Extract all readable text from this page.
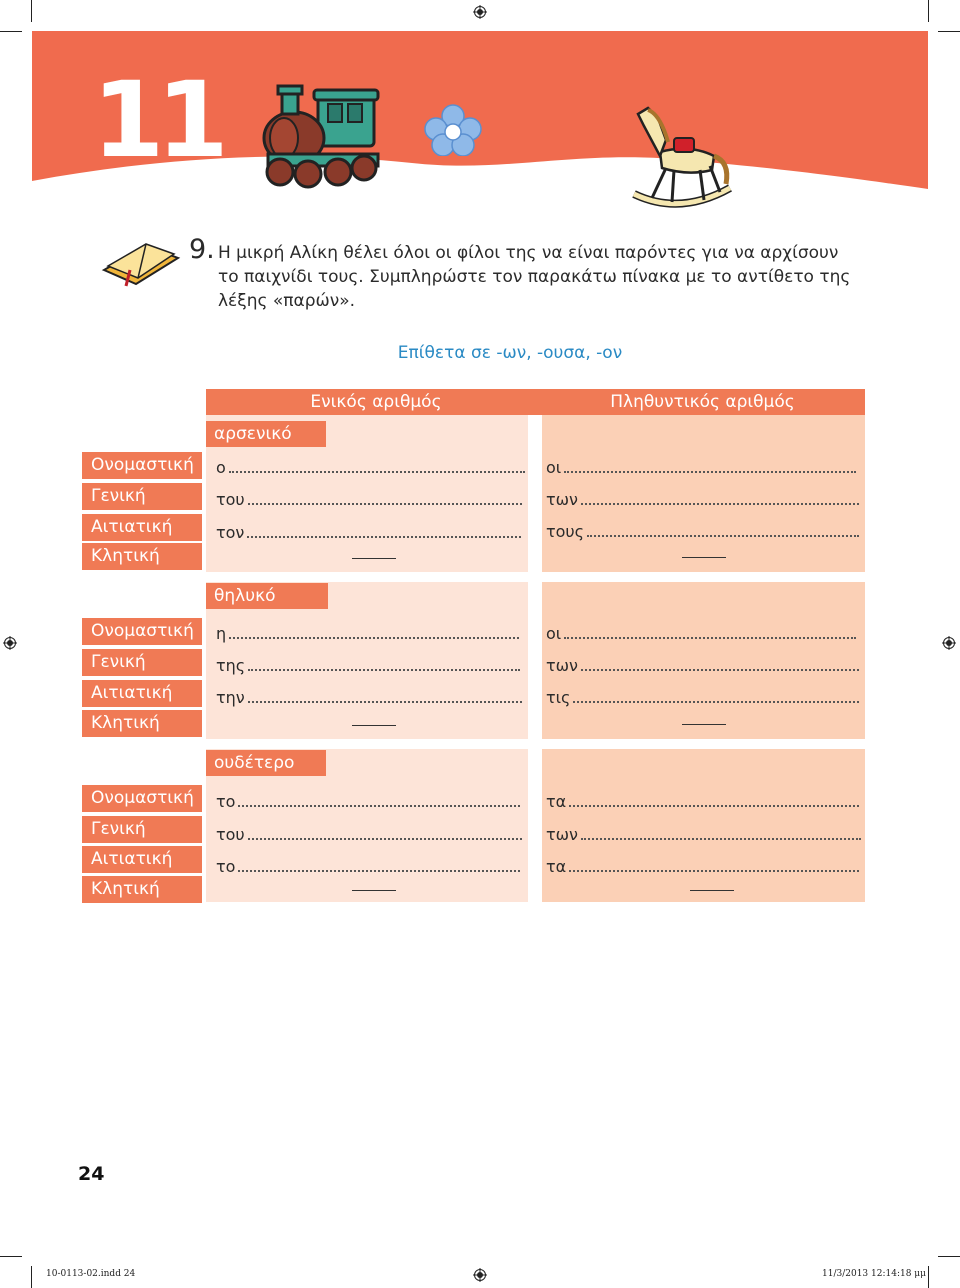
11
9. Η μικρή Αλίκη θέλει όλοι οι φίλοι της να είναι παρόντες για να αρχίσουν το παιχνίδι τους. Συμπληρώστε τον παρακάτω πίνακα με το αντίθετο της λέξης «παρών».
Επίθετα σε -ων, -ουσα, -ον
Ενικός αριθμός	Πληθυντικός αριθμός
αρσενικό
θηλυκό
ουδέτερο
Ονομαστική
Γενική
Αιτιατική
Κλητική
Ονομαστική
Γενική
Αιτιατική
Κλητική
Ονομαστική
Γενική
Αιτιατική
Κλητική
ο
του
τον
οι
των
τους
η
της
την
οι
των
τις
το
του
το
τα
των
τα
24
10-0113-02.indd 24	11/3/2013 12:14:18 μμ
